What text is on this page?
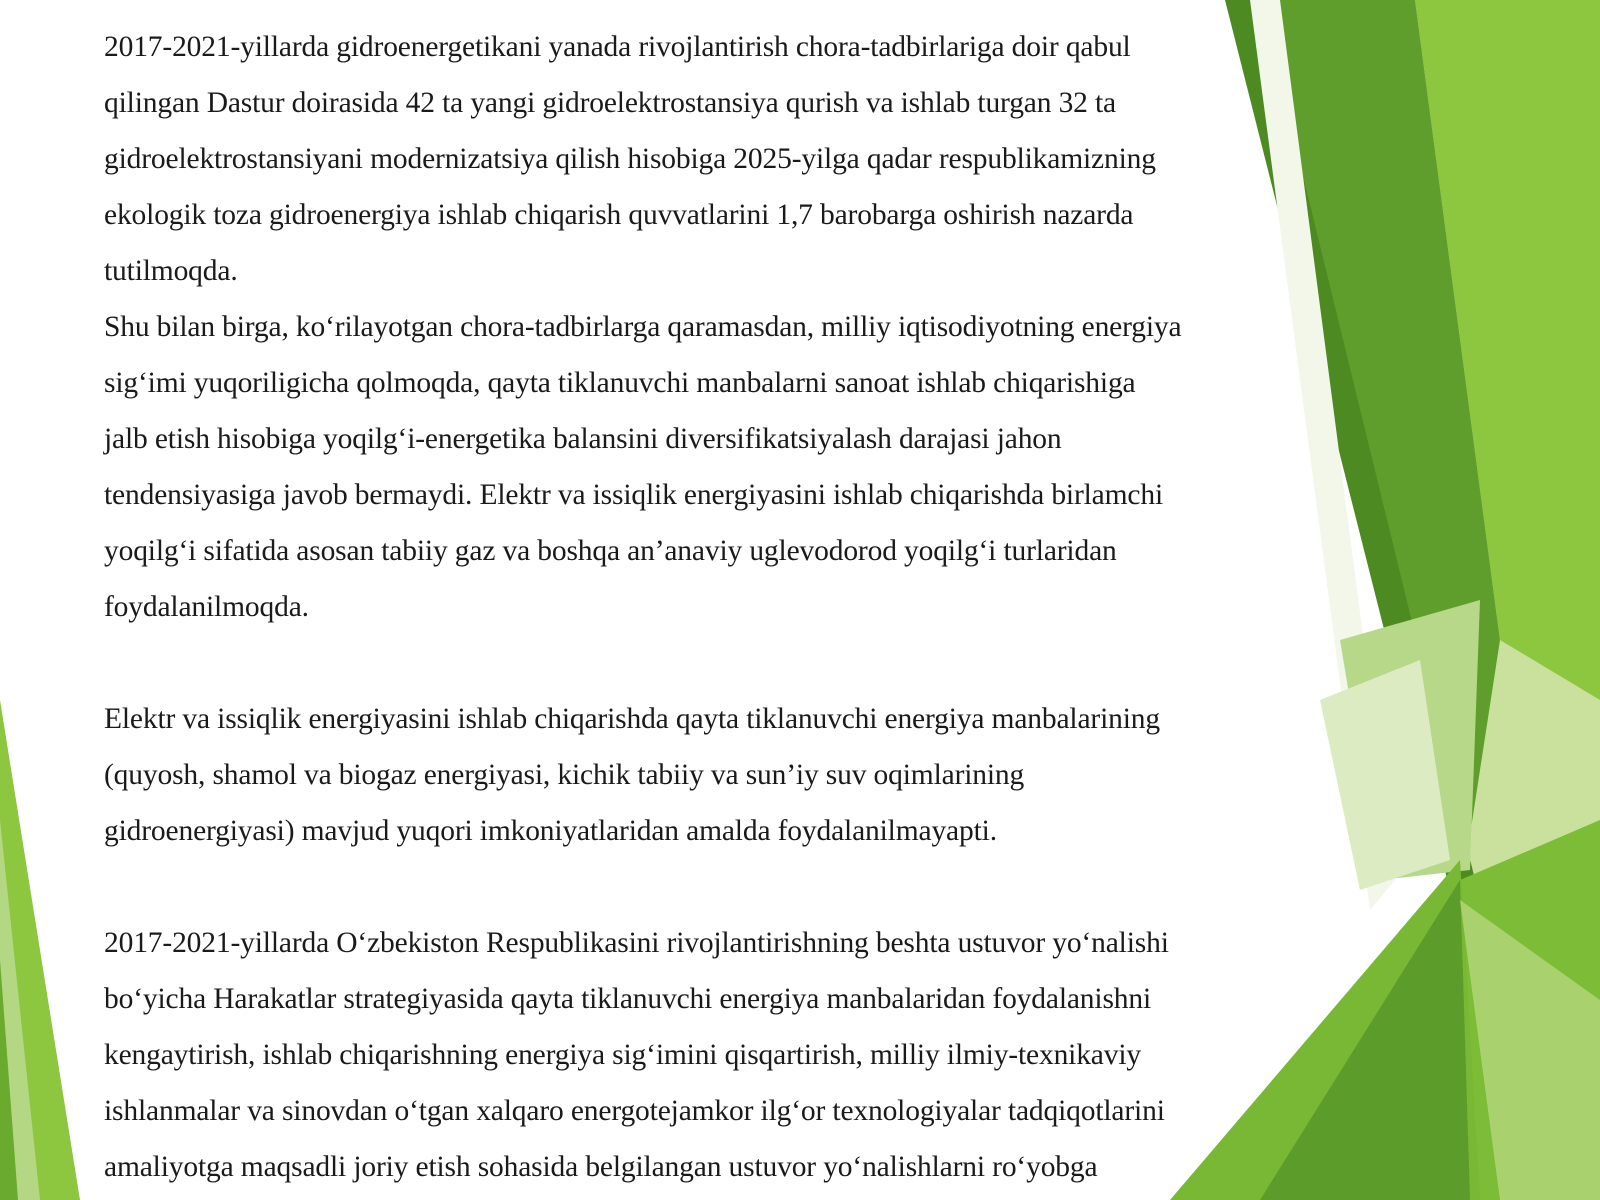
2017-2021-yillarda gidroenergetikani yanada rivojlantirish chora-tadbirlariga doir qabul
qilingan Dastur doirasida 42 ta yangi gidroelektrostansiya qurish va ishlab turgan 32 ta
gidroelektrostansiyani modernizatsiya qilish hisobiga 2025-yilga qadar respublikamizning
ekologik toza gidroenergiya ishlab chiqarish quvvatlarini 1,7 barobarga oshirish nazarda
tutilmoqda.
Shu bilan birga, ko‘rilayotgan chora-tadbirlarga qaramasdan, milliy iqtisodiyotning energiya
sig‘imi yuqoriligicha qolmoqda, qayta tiklanuvchi manbalarni sanoat ishlab chiqarishiga
jalb etish hisobiga yoqilg‘i-energetika balansini diversifikatsiyalash darajasi jahon
tendensiyasiga javob bermaydi. Elektr va issiqlik energiyasini ishlab chiqarishda birlamchi
yoqilg‘i sifatida asosan tabiiy gaz va boshqa an’anaviy uglevodorod yoqilg‘i turlaridan
foydalanilmoqda.
Elektr va issiqlik energiyasini ishlab chiqarishda qayta tiklanuvchi energiya manbalarining
(quyosh, shamol va biogaz energiyasi, kichik tabiiy va sun’iy suv oqimlarining
gidroenergiyasi) mavjud yuqori imkoniyatlaridan amalda foydalanilmayapti.
2017-2021-yillarda O‘zbekiston Respublikasini rivojlantirishning beshta ustuvor yo‘nalishi
bo‘yicha Harakatlar strategiyasida qayta tiklanuvchi energiya manbalaridan foydalanishni
kengaytirish, ishlab chiqarishning energiya sig‘imini qisqartirish, milliy ilmiy-texnikaviy
ishlanmalar va sinovdan o‘tgan xalqaro energotejamkor ilg‘or texnologiyalar tadqiqotlarini
amaliyotga maqsadli joriy etish sohasida belgilangan ustuvor yo‘nalishlarni ro‘yobga
